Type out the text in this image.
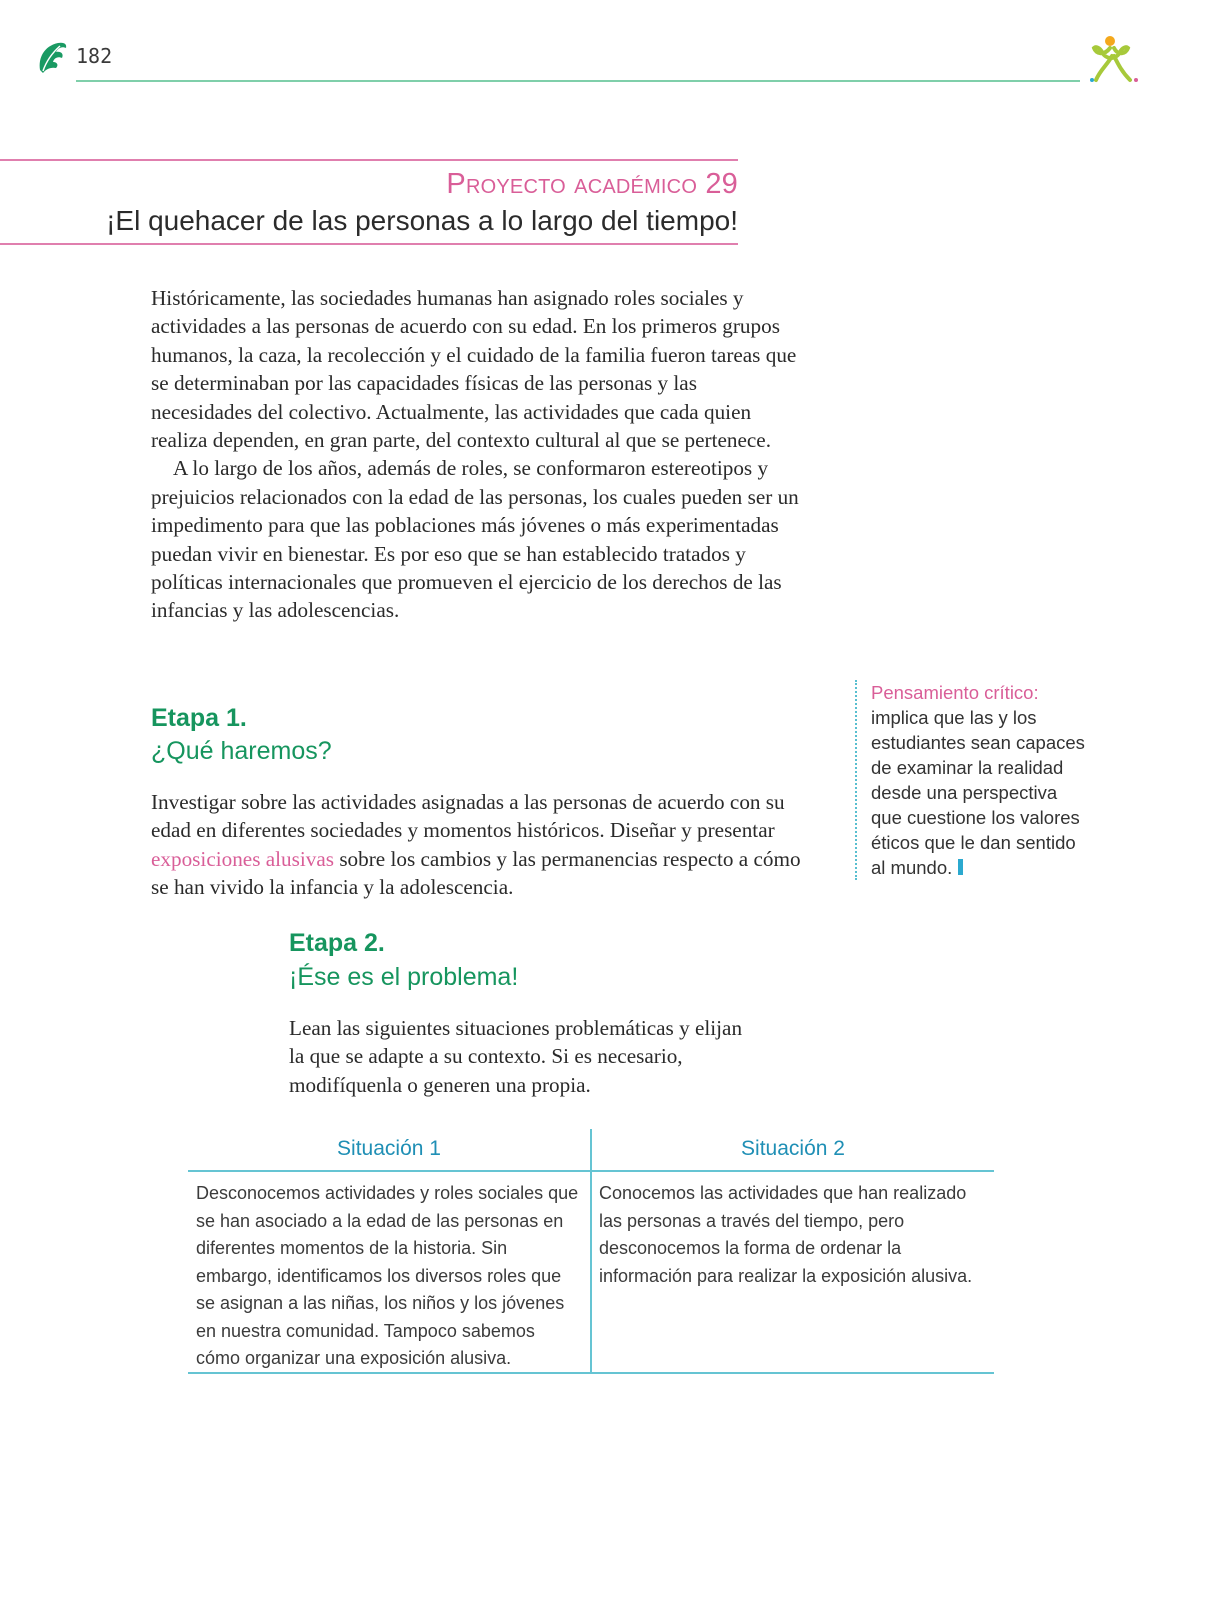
182
Proyecto académico 29
¡El quehacer de las personas a lo largo del tiempo!

Históricamente, las sociedades humanas han asignado roles sociales y actividades a las personas de acuerdo con su edad. En los primeros grupos humanos, la caza, la recolección y el cuidado de la familia fueron tareas que se determinaban por las capacidades físicas de las personas y las necesidades del colectivo. Actualmente, las actividades que cada quien realiza dependen, en gran parte, del contexto cultural al que se pertenece.

A lo largo de los años, además de roles, se conformaron estereotipos y prejuicios relacionados con la edad de las personas, los cuales pueden ser un impedimento para que las poblaciones más jóvenes o más experimentadas puedan vivir en bienestar. Es por eso que se han establecido tratados y políticas internacionales que promueven el ejercicio de los derechos de las infancias y las adolescencias.

Etapa 1.
¿Qué haremos?
Investigar sobre las actividades asignadas a las personas de acuerdo con su edad en diferentes sociedades y momentos históricos. Diseñar y presentar exposiciones alusivas sobre los cambios y las permanencias respecto a cómo se han vivido la infancia y la adolescencia.
Pensamiento crítico: implica que las y los estudiantes sean capaces de examinar la realidad desde una perspectiva que cuestione los valores éticos que le dan sentido al mundo.
Etapa 2.
¡Ése es el problema!
Lean las siguientes situaciones problemáticas y elijan la que se adapte a su contexto. Si es necesario, modifíquenla o generen una propia.
Situación 1	Situación 2
Desconocemos actividades y roles sociales que se han asociado a la edad de las personas en diferentes momentos de la historia. Sin embargo, identificamos los diversos roles que se asignan a las niñas, los niños y los jóvenes en nuestra comunidad. Tampoco sabemos cómo organizar una exposición alusiva.
Conocemos las actividades que han realizado las personas a través del tiempo, pero desconocemos la forma de ordenar la información para realizar la exposición alusiva.
